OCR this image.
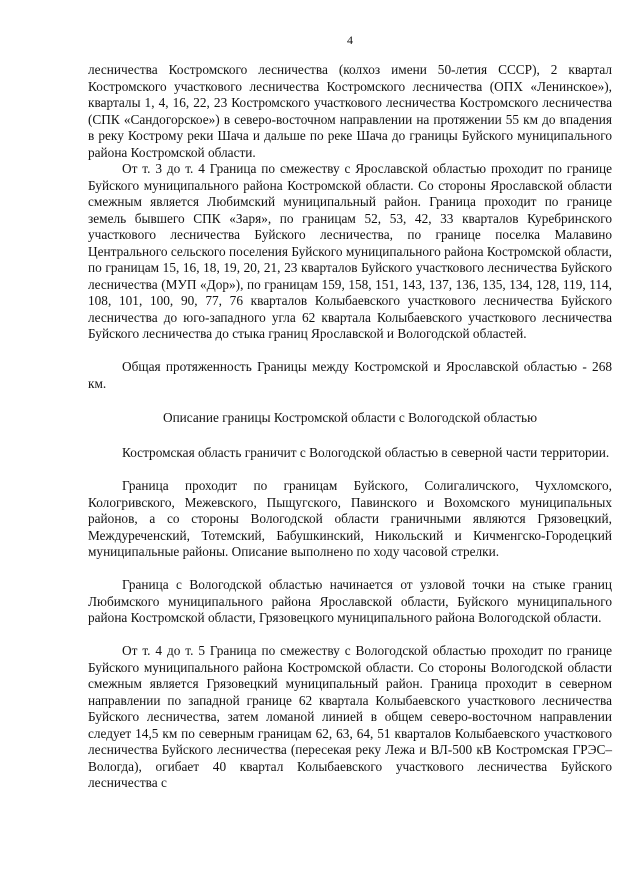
4

лесничества Костромского лесничества (колхоз имени 50-летия СССР), 2 квартал Костромского участкового лесничества Костромского лесничества (ОПХ «Ленинское»), кварталы 1, 4, 16, 22, 23 Костромского участкового лесничества Костромского лесничества (СПК «Сандогорское») в северо-восточном направлении на протяжении 55 км до впадения в реку Кострому реки Шача и дальше по реке Шача до границы Буйского муниципального района Костромской области.

От т. 3 до т. 4 Граница по смежеству с Ярославской областью проходит по границе Буйского муниципального района Костромской области. Со стороны Ярославской области смежным является Любимский муниципальный район. Граница проходит по границе земель бывшего СПК «Заря», по границам 52, 53, 42, 33 кварталов Куребринского участкового лесничества Буйского лесничества, по границе поселка Малавино Центрального сельского поселения Буйского муниципального района Костромской области, по границам 15, 16, 18, 19, 20, 21, 23 кварталов Буйского участкового лесничества Буйского лесничества (МУП «Дор»), по границам 159, 158, 151, 143, 137, 136, 135, 134, 128, 119, 114, 108, 101, 100, 90, 77, 76 кварталов Колыбаевского участкового лесничества Буйского лесничества до юго-западного угла 62 квартала Колыбаевского участкового лесничества Буйского лесничества до стыка границ Ярославской и Вологодской областей.

Общая протяженность Границы между Костромской и Ярославской областью - 268 км.

Описание границы Костромской области с Вологодской областью

Костромская область граничит с Вологодской областью в северной части территории.

Граница проходит по границам Буйского, Солигаличского, Чухломского, Кологривского, Межевского, Пыщугского, Павинского и Вохомского муниципальных районов, а со стороны Вологодской области граничными являются Грязовецкий, Междуреченский, Тотемский, Бабушкинский, Никольский и Кичменгско-Городецкий муниципальные районы. Описание выполнено по ходу часовой стрелки.

Граница с Вологодской областью начинается от узловой точки на стыке границ Любимского муниципального района Ярославской области, Буйского муниципального района Костромской области, Грязовецкого муниципального района Вологодской области.

От т. 4 до т. 5 Граница по смежеству с Вологодской областью проходит по границе Буйского муниципального района Костромской области. Со стороны Вологодской области смежным является Грязовецкий муниципальный район. Граница проходит в северном направлении по западной границе 62 квартала Колыбаевского участкового лесничества Буйского лесничества, затем ломаной линией в общем северо-восточном направлении следует 14,5 км по северным границам 62, 63, 64, 51 кварталов Колыбаевского участкового лесничества Буйского лесничества (пересекая реку Лежа и ВЛ-500 кВ Костромская ГРЭС–Вологда), огибает 40 квартал Колыбаевского участкового лесничества Буйского лесничества с
